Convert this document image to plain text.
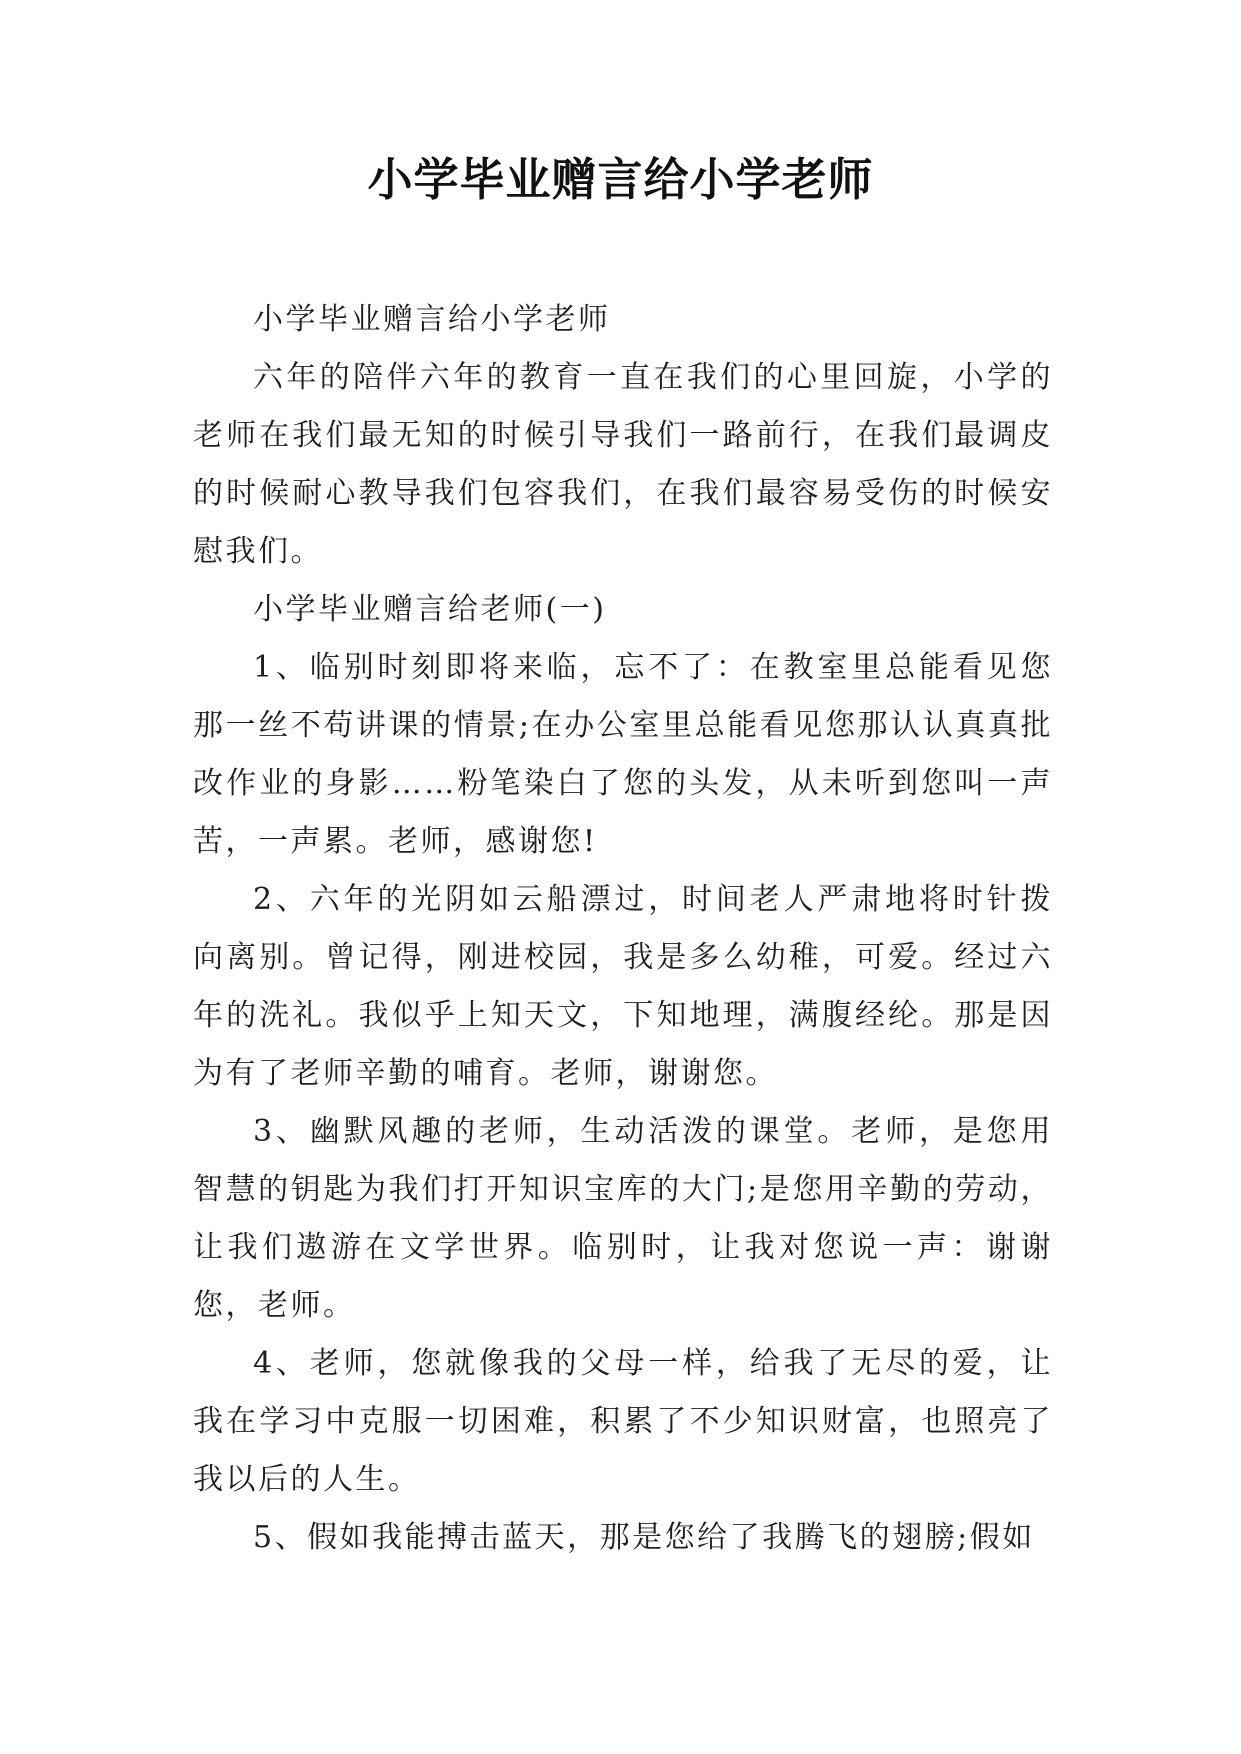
小学毕业赠言给小学老师

小学毕业赠言给小学老师

六年的陪伴六年的教育一直在我们的心里回旋，小学的老师在我们最无知的时候引导我们一路前行，在我们最调皮的时候耐心教导我们包容我们，在我们最容易受伤的时候安慰我们。

小学毕业赠言给老师(一)

1、临别时刻即将来临，忘不了：在教室里总能看见您那一丝不苟讲课的情景;在办公室里总能看见您那认认真真批改作业的身影……粉笔染白了您的头发，从未听到您叫一声苦，一声累。老师，感谢您!

2、六年的光阴如云船漂过，时间老人严肃地将时针拨向离别。曾记得，刚进校园，我是多么幼稚，可爱。经过六年的洗礼。我似乎上知天文，下知地理，满腹经纶。那是因为有了老师辛勤的哺育。老师，谢谢您。

3、幽默风趣的老师，生动活泼的课堂。老师，是您用智慧的钥匙为我们打开知识宝库的大门;是您用辛勤的劳动，让我们遨游在文学世界。临别时，让我对您说一声：谢谢您，老师。

4、老师，您就像我的父母一样，给我了无尽的爱，让我在学习中克服一切困难，积累了不少知识财富，也照亮了我以后的人生。

5、假如我能搏击蓝天，那是您给了我腾飞的翅膀;假如
